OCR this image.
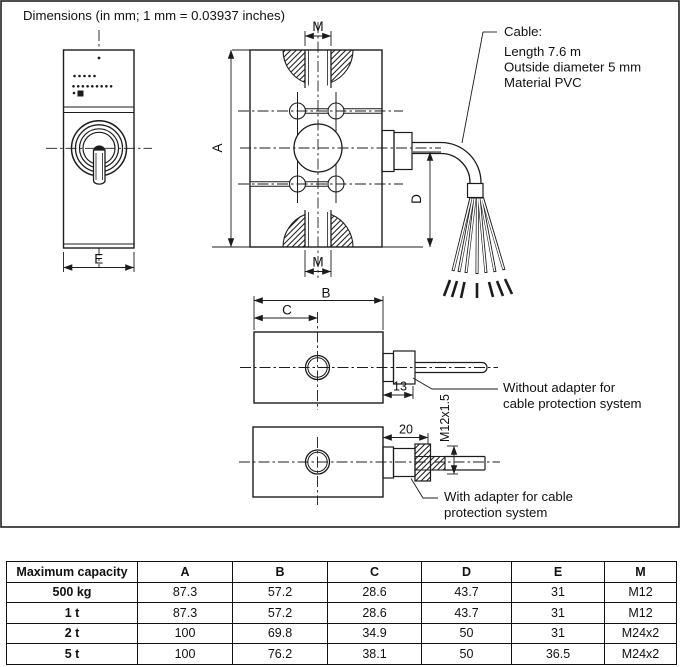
Dimensions (in mm; 1 mm = 0.03937 inches)
E
A
D
M
M
Cable:
Length 7.6 m
Outside diameter 5 mm
Material PVC
B
C
13	Without adapter for
cable protection system
20 M12x1.5
With adapter for cable
protection system
Maximum capacity	A	B	C	D	E	M
500 kg	87.3	57.2	28.6	43.7	31	M12
1 t	87.3	57.2	28.6	43.7	31	M12
2 t	100	69.8	34.9	50	31	M24x2
5 t	100	76.2	38.1	50	36.5	M24x2
